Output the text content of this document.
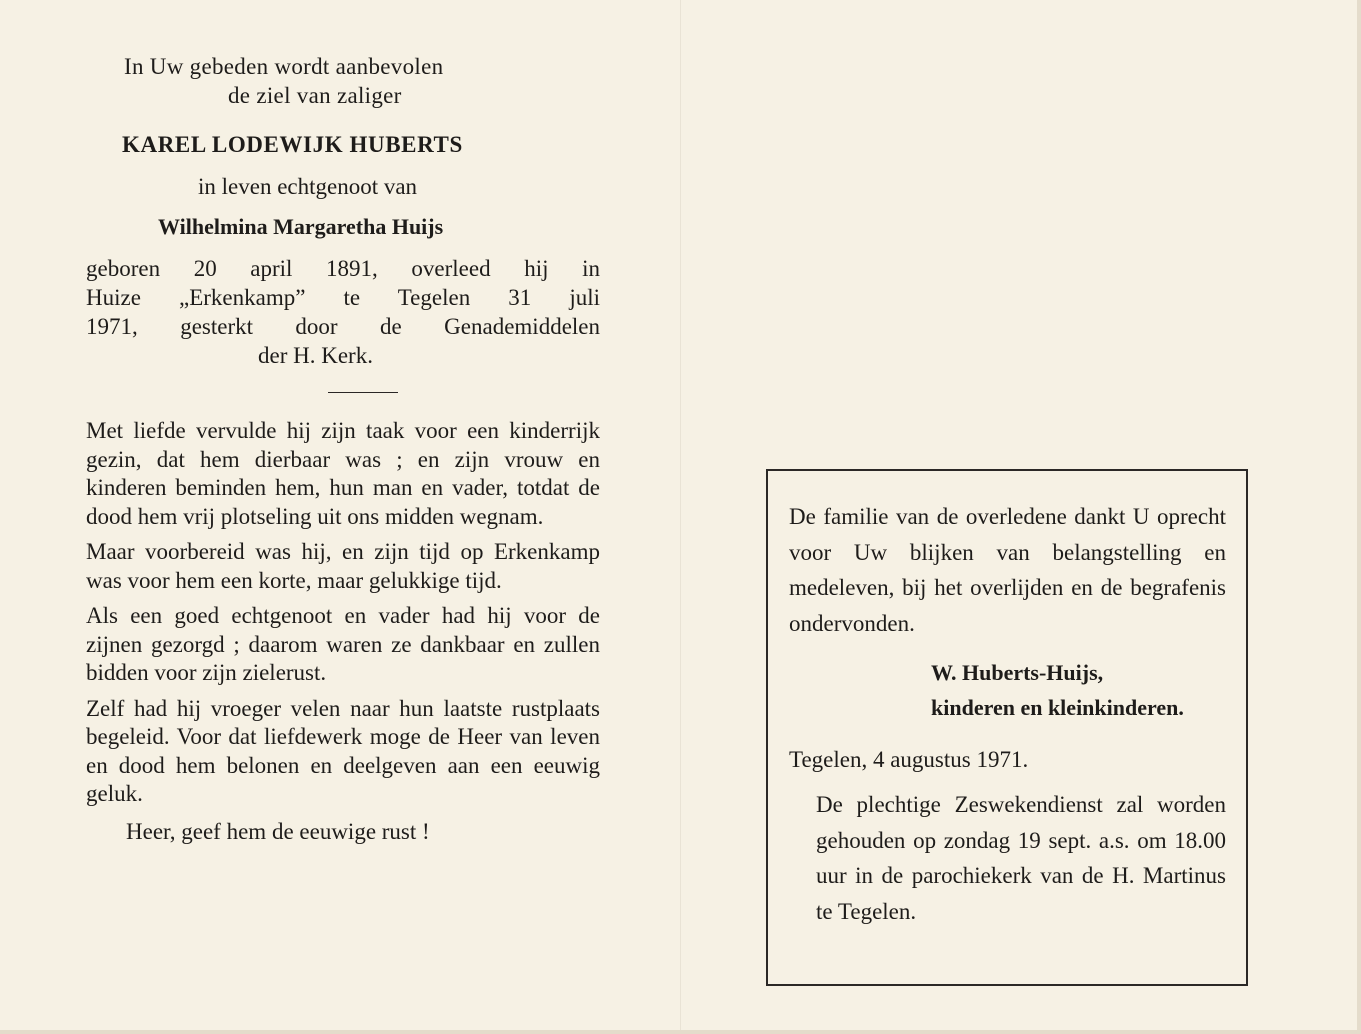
In Uw gebeden wordt aanbevolen
de ziel van zaliger
KAREL LODEWIJK HUBERTS
in leven echtgenoot van
Wilhelmina Margaretha Huijs
geboren 20 april 1891, overleed hij in
Huize „Erkenkamp” te Tegelen 31 juli
1971, gesterkt door de Genademiddelen
der H. Kerk.

Met liefde vervulde hij zijn taak voor een kinderrijk gezin, dat hem dierbaar was ; en zijn vrouw en kinderen beminden hem, hun man en vader, totdat de dood hem vrij plotseling uit ons midden wegnam.

Maar voorbereid was hij, en zijn tijd op Erkenkamp was voor hem een korte, maar gelukkige tijd.

Als een goed echtgenoot en vader had hij voor de zijnen gezorgd ; daarom waren ze dankbaar en zullen bidden voor zijn zielerust.

Zelf had hij vroeger velen naar hun laatste rustplaats begeleid. Voor dat liefdewerk moge de Heer van leven en dood hem belonen en deelgeven aan een eeuwig geluk.

Heer, geef hem de eeuwige rust !

De familie van de overledene dankt U oprecht voor Uw blijken van belangstelling en medeleven, bij het overlijden en de begrafenis ondervonden.

W. Huberts-Huijs,
kinderen en kleinkinderen.
Tegelen, 4 augustus 1971.

De plechtige Zeswekendienst zal worden gehouden op zondag 19 sept. a.s. om 18.00 uur in de parochiekerk van de H. Martinus te Tegelen.
